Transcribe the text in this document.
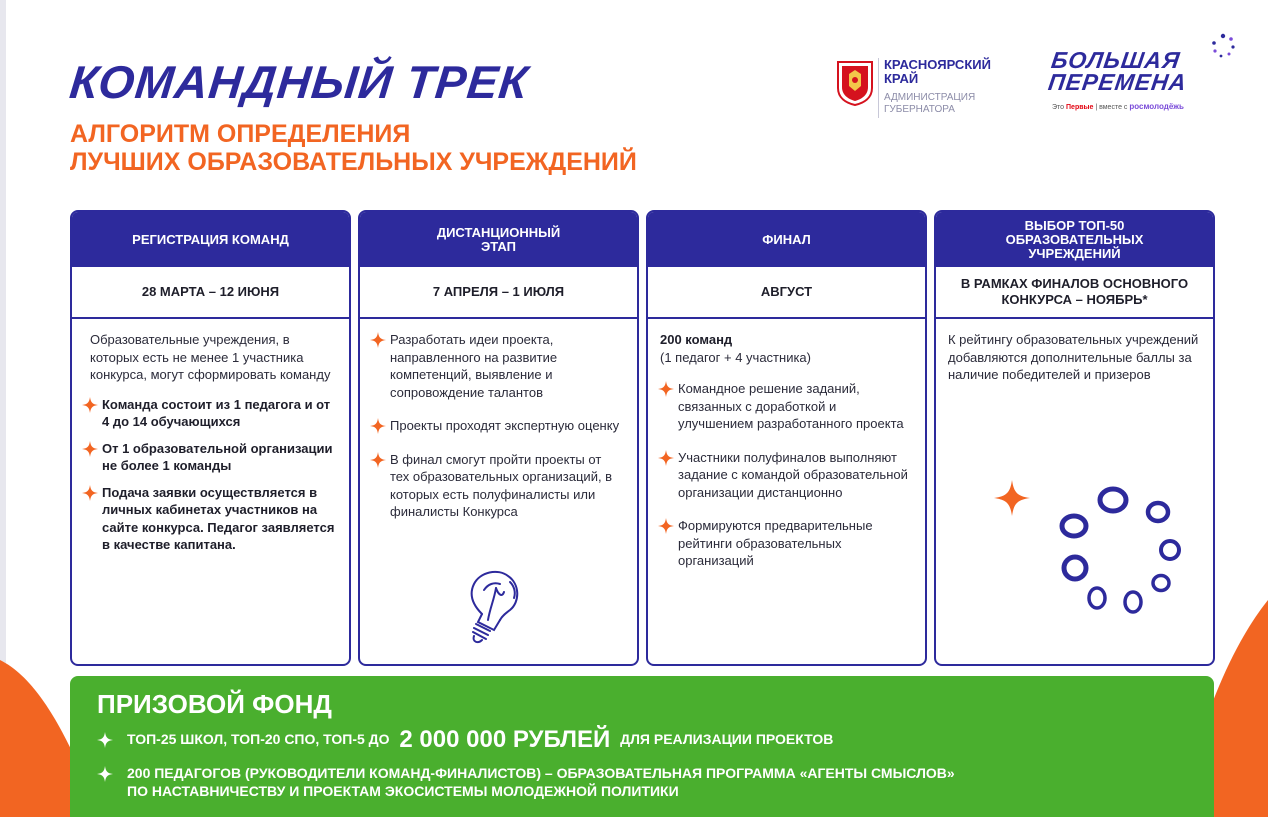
КОМАНДНЫЙ ТРЕК
АЛГОРИТМ ОПРЕДЕЛЕНИЯ
ЛУЧШИХ ОБРАЗОВАТЕЛЬНЫХ УЧРЕЖДЕНИЙ
КРАСНОЯРСКИЙ
КРАЙ
АДМИНИСТРАЦИЯ
ГУБЕРНАТОРА
БОЛЬШАЯ
ПЕРЕМЕНА
Это Первые | вместе с росмолодёжь
РЕГИСТРАЦИЯ КОМАНД
28 МАРТА – 12 ИЮНЯ
Образовательные учреждения, в которых есть не менее 1 участника конкурса, могут сформировать команду
Команда состоит из 1 педагога и от 4 до 14 обучающихся
От 1 образовательной организации не более 1 команды
Подача заявки осуществляется в личных кабинетах участников на сайте конкурса. Педагог заявляется в качестве капитана.
ДИСТАНЦИОННЫЙ ЭТАП
7 АПРЕЛЯ – 1 ИЮЛЯ
Разработать идеи проекта, направленного на развитие компетенций, выявление и сопровождение талантов
Проекты проходят экспертную оценку
В финал смогут пройти проекты от тех образовательных организаций, в которых есть полуфиналисты или финалисты Конкурса
ФИНАЛ
АВГУСТ
200 команд
(1 педагог + 4 участника)
Командное решение заданий, связанных с доработкой и улучшением разработанного проекта
Участники полуфиналов выполняют задание с командой образовательной организации дистанционно
Формируются предварительные рейтинги образовательных организаций
ВЫБОР ТОП-50 ОБРАЗОВАТЕЛЬНЫХ УЧРЕЖДЕНИЙ
В РАМКАХ ФИНАЛОВ ОСНОВНОГО КОНКУРСА – НОЯБРЬ*
К рейтингу образовательных учреждений добавляются дополнительные баллы за наличие победителей и призеров
ПРИЗОВОЙ ФОНД
ТОП-25 ШКОЛ, ТОП-20 СПО, ТОП-5 ДО 2 000 000 РУБЛЕЙ ДЛЯ РЕАЛИЗАЦИИ ПРОЕКТОВ
200 ПЕДАГОГОВ (РУКОВОДИТЕЛИ КОМАНД-ФИНАЛИСТОВ) – ОБРАЗОВАТЕЛЬНАЯ ПРОГРАММА «АГЕНТЫ СМЫСЛОВ»
ПО НАСТАВНИЧЕСТВУ И ПРОЕКТАМ ЭКОСИСТЕМЫ МОЛОДЕЖНОЙ ПОЛИТИКИ
